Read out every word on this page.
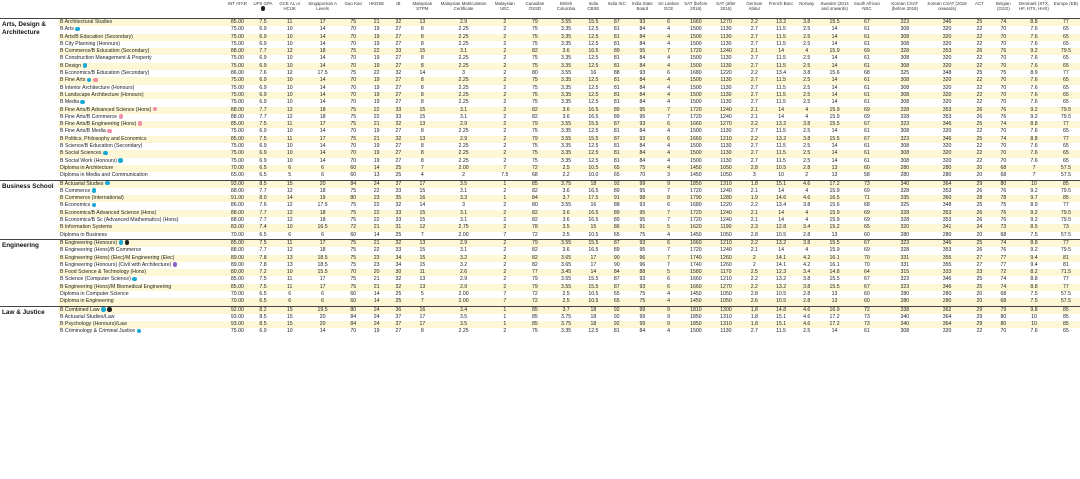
		INT ATAR	UFS GPA	GCE AL or HCUK	Singaporean A Levels	Gao Kao	HKDSE	IB	Malaysian STPM	Malaysian Matriculation Certificate	Malaysian UEC	Canadian OSSD	British Columbia	India CBSE	India ISC	India State Board	Sri Lankan GCE	SAT (before 2016)	SAT (after 2016)	German Abitur	French Bacc	Norway	Sweden (2014 and onwards)	South African NSC	Korean CSAT (before 2018)	Korean CSAT (2018 onwards)	ACT	Belgian (GSO)	Denmark (STX, HF, HTX, HHX)	Europe (EB)
Arts, Design & Architecture	B Architectural Studies	85.00	7.5	11	17	75	21	32	13	2.9	2	79	3.55	15.5	87	93	6	1660	1270	2.2	13.2	3.8	15.5	67	323	346	25	74	8.8	77
	B Arts	75.00	6.9	10	14	70	19	27	8	2.25	2	75	3.35	12.5	81	84	4	1500	1130	2.7	11.5	2.5	14	61	308	320	22	70	7.6	65
	B Arts/B Education (Secondary)	75.00	6.9	10	14	70	19	27	8	2.25	2	75	3.35	12.5	81	84	4	1500	1130	2.7	11.5	2.5	14	61	308	320	22	70	7.6	65
	B City Planning (Honours)	75.00	6.9	10	14	70	19	27	8	2.25	2	75	3.35	12.5	81	84	4	1500	1130	2.7	11.5	2.5	14	61	308	320	22	70	7.6	65
	B Commerce/B Education (Secondary)	88.00	7.7	12	18	75	22	33	15	3.1	2	82	3.6	16.5	89	95	7	1720	1240	2.1	14	4	15.9	69	328	353	26	76	9.2	79.5
	B Construction Management & Property	75.00	6.9	10	14	70	19	27	8	2.25	2	75	3.35	12.5	81	84	4	1500	1130	2.7	11.5	2.5	14	61	308	320	22	70	7.6	65
	B Design	75.00	6.9	10	14	70	19	27	8	2.25	2	75	3.35	12.5	81	84	4	1500	1130	2.7	11.5	2.5	14	61	308	320	22	70	7.6	65
	B Economics/B Education (Secondary)	86.00	7.6	12	17.5	75	22	32	14	3	2	80	3.55	16	88	93	6	1680	1220	2.2	13.4	3.8	15.6	68	325	348	25	75	8.9	77
	B Fine Arts	75.00	6.9	10	14	70	19	27	8	2.25	2	75	3.35	12.5	81	84	4	1500	1130	2.7	11.5	2.5	14	61	308	320	22	70	7.6	65
	B Interior Architecture (Honours)	75.00	6.9	10	14	70	19	27	8	2.25	2	75	3.35	12.5	81	84	4	1500	1130	2.7	11.5	2.5	14	61	308	320	22	70	7.6	65
	B Landscape Architecture (Honours)	75.00	6.9	10	14	70	19	27	8	2.25	2	75	3.35	12.5	81	84	4	1500	1130	2.7	11.5	2.5	14	61	308	320	22	70	7.6	65
	B Media	75.00	6.9	10	14	70	19	27	8	2.25	2	75	3.35	12.5	81	84	4	1500	1130	2.7	11.5	2.5	14	61	308	320	22	70	7.6	65
	B Fine Arts/B Advanced Science (Hons)	88.00	7.7	12	18	75	22	33	15	3.1	2	82	3.6	16.5	89	95	7	1720	1240	2.1	14	4	15.9	69	328	353	26	76	9.2	79.5
	B Fine Arts/B Commerce	88.00	7.7	12	18	75	22	33	15	3.1	2	82	3.6	16.5	89	95	7	1720	1240	2.1	14	4	15.9	69	328	353	26	76	9.2	79.5
	B Fine Arts/B Engineering (Hons)	85.00	7.5	11	17	75	21	32	13	2.9	2	79	3.55	15.5	87	93	6	1660	1270	2.2	13.2	3.8	15.5	67	323	346	25	74	8.8	77
	B Fine Arts/B Media	75.00	6.9	10	14	70	19	27	8	2.25	2	75	3.35	12.5	81	84	4	1500	1130	2.7	11.5	2.5	14	61	308	320	22	70	7.6	65
	B Politics, Philosophy and Economics	85.00	7.5	11	17	75	21	32	13	2.9	2	79	3.55	15.5	87	93	6	1660	1210	2.2	13.2	3.8	15.5	67	323	346	25	74	8.8	77
	B Science/B Education (Secondary)	75.00	6.9	10	14	70	19	27	8	2.25	2	75	3.35	12.5	81	84	4	1500	1130	2.7	11.5	2.5	14	61	308	320	22	70	7.6	65
	B Social Sciences	75.00	6.9	10	14	70	19	27	8	2.25	2	75	3.35	12.5	81	84	4	1500	1130	2.7	11.5	2.5	14	61	308	320	22	70	7.6	65
	B Social Work (Honours)	75.00	6.9	10	14	70	19	27	8	2.25	2	75	3.35	12.5	81	84	4	1500	1130	2.7	11.5	2.5	14	61	308	320	22	70	7.6	65
	Diploma in Architecture	70.00	6.5	6	6	60	14	25	7	2.00	7	72	2.5	10.5	65	75	4	1450	1050	2.8	10.5	2.8	13	60	280	280	20	68	7	57.5
	Diploma in Media and Communication	65.00	6.5	5	6	60	13	25	4	2	7.5	68	2.2	10.0	65	70	3	1450	1050	3	10	2	13	58	280	280	20	68	7	57.5
Business School	B Actuarial Studies	93.00	8.5	15	20	84	24	37	17	3.5	1	85	3.75	18	92	99	9	1850	1310	1.8	15.1	4.6	17.2	73	340	364	29	80	10	85
	B Commerce	88.00	7.7	12	18	75	22	33	15	3.1	2	82	3.6	16.5	89	95	7	1720	1240	2.1	14	4	15.9	69	328	353	26	76	9.2	79.5
	B Commerce (International)	91.00	8.0	14	19	80	23	35	16	3.3	1	84	3.7	17.5	91	98	8	1790	1280	1.9	14.6	4.6	16.5	71	335	360	28	78	9.7	85
	B Economics	86.00	7.6	12	17.5	75	22	32	14	3	2	80	3.55	16	88	93	6	1680	1220	2.2	13.4	3.8	15.6	68	325	348	25	75	8.9	77
	B Economics/B Advanced Science (Hons)	88.00	7.7	12	18	75	22	33	15	3.1	2	82	3.6	16.5	89	95	7	1720	1240	2.1	14	4	15.9	69	328	353	26	76	9.2	79.5
	B Economics/B Sc (Advanced Mathematics) (Hons)	88.00	7.7	12	18	75	22	33	15	3.1	2	82	3.6	16.5	89	95	7	1720	1240	2.1	14	4	15.9	69	328	353	26	76	9.2	79.5
	B Information Systems	83.00	7.4	10	16.5	72	21	31	12	2.75	2	78	3.5	15	86	91	5	1620	1190	2.3	12.8	3.4	15.2	65	320	341	24	73	8.5	73
	Diploma in Business	70.00	6.5	6	6	60	14	25	7	2.00	7	72	2.5	10.5	65	75	4	1450	1050	2.8	10.5	2.8	13	60	280	280	20	68	7.5	57.5
Engineering	B Engineering (Honours)	85.00	7.5	11	17	75	21	32	13	2.9	2	79	3.55	15.5	87	93	6	1660	1210	2.2	13.2	3.8	15.5	67	323	346	25	74	8.8	77
	B Engineering (Hons)/B Commerce	88.00	7.7	12	18	75	22	33	15	3.1	2	82	3.6	16.5	89	95	7	1720	1240	2.1	14	4	15.9	69	328	353	26	76	9.2	79.5
	B Engineering (Hons) (Elec)/M Engineering (Elec)	89.00	7.8	13	18.5	75	23	34	15	3.2	2	82	3.65	17	90	96	7	1740	1260	2	14.1	4.2	16.1	70	331	355	27	77	9.4	81
	B Engineering (Honours) (Civil with Architecture)	89.00	7.8	13	18.5	75	23	34	15	3.2	2	82	3.65	17	90	96	7	1740	1260	2	14.1	4.2	16.1	70	331	355	27	77	9.4	81
	B Food Science & Technology (Hons)	80.00	7.2	10	15.5	70	20	30	11	2.6	2	77	3.45	14	84	88	5	1580	1170	2.5	12.3	3.4	14.8	64	315	333	23	72	8.2	71.5
	B Science (Computer Science)	85.00	7.5	11	17	75	21	32	13	2.9	2	79	3.55	15.5	87	93	6	1660	1210	2.2	13.2	3.8	15.5	67	323	346	25	74	8.8	77
	B Engineering (Hons)/M Biomedical Engineering	85.00	7.5	11	17	75	21	32	13	2.9	2	79	3.55	15.5	87	93	6	1660	1270	2.2	13.2	3.8	15.5	67	323	346	25	74	8.8	77
	Diploma in Computer Science	70.00	6.5	6	6	60	14	25	5	2.00	7	72	2.5	10.5	65	75	4	1450	1050	2.8	10.5	2.8	13	60	280	280	20	68	7.5	57.5
	Diploma in Engineering	70.00	6.5	6	6	60	14	25	7	2.00	7	72	2.5	10.5	65	75	4	1450	1050	2.6	10.5	2.8	13	60	280	280	20	68	7.5	57.5
Law & Justice	B Combined Law	92.00	8.2	15	19.5	80	24	36	16	3.4	1	85	3.7	18	92	99	9	1810	1300	1.8	14.8	4.6	16.9	72	338	362	29	79	9.8	85
	B Actuarial Studies/Law	93.00	8.5	15	20	84	24	37	17	3.5	1	85	3.75	18	92	99	9	1850	1310	1.8	15.1	4.6	17.2	73	340	364	29	80	10	85
	B Psychology (Honours)/Law	93.00	8.5	15	20	84	24	37	17	3.5	1	85	3.75	18	92	99	9	1850	1310	1.8	15.1	4.6	17.2	73	340	364	29	80	10	85
	B Criminology & Criminal Justice	75.00	6.9	10	14	70	19	27	8	2.25	2	75	3.35	12.5	81	84	4	1500	1130	2.7	11.5	2.5	14	61	308	320	22	70	7.6	65
